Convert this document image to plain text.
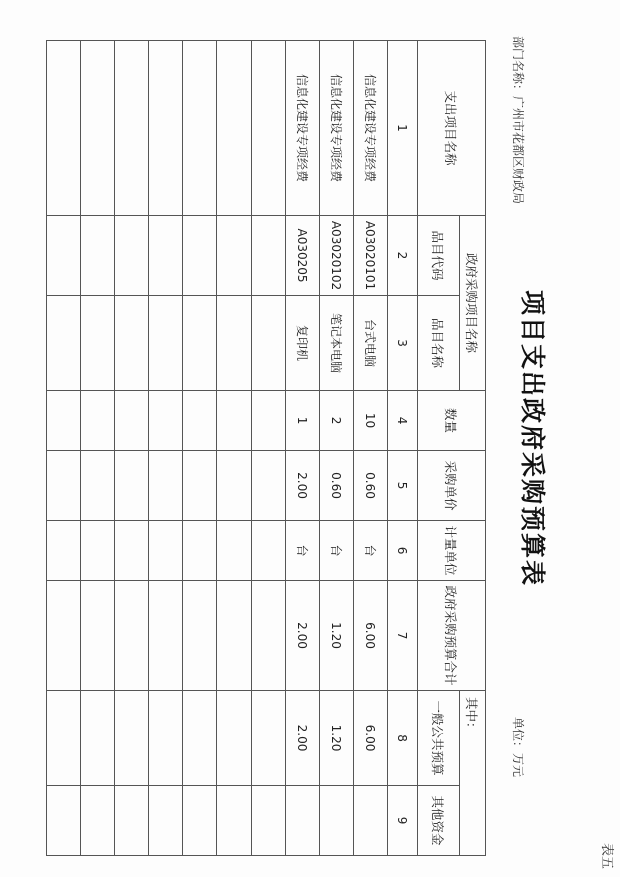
表五
项目支出政府采购预算表
部门名称：广州市花都区财政局
单位：万元
支出项目名称	政府采购项目名称		数量	采购单价	计量单位	政府采购预算合计	其中：	
	品目代码	品目名称					一般公共预算	其他资金

1	2	3	4	5	6	7	8	9
信息化建设专项经费	A03020101	台式电脑	10	0.60	台	6.00	6.00	
信息化建设专项经费	A03020102	笔记本电脑	2	0.60	台	1.20	1.20	
信息化建设专项经费	A030205	复印机	1	2.00	台	2.00	2.00	
